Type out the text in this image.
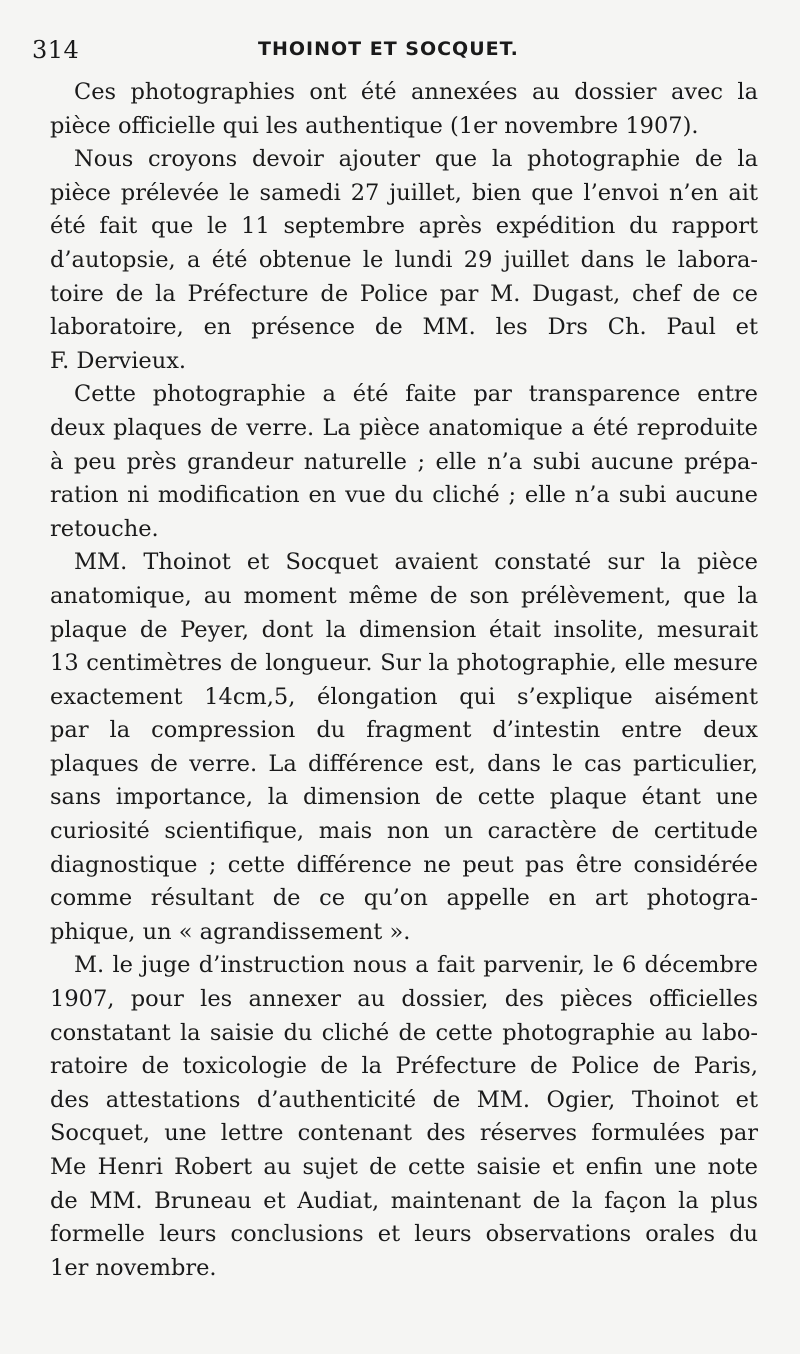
314	THOINOT ET SOCQUET.

Ces photographies ont été annexées au dossier avec la
pièce officielle qui les authentique (1er novembre 1907).

Nous croyons devoir ajouter que la photographie de la
pièce prélevée le samedi 27 juillet, bien que l’envoi n’en ait
été fait que le 11 septembre après expédition du rapport
d’autopsie, a été obtenue le lundi 29 juillet dans le labora-
toire de la Préfecture de Police par M. Dugast, chef de ce
laboratoire, en présence de MM. les Drs Ch. Paul et
F. Dervieux.

Cette photographie a été faite par transparence entre
deux plaques de verre. La pièce anatomique a été reproduite
à peu près grandeur naturelle ; elle n’a subi aucune prépa-
ration ni modification en vue du cliché ; elle n’a subi aucune
retouche.

MM. Thoinot et Socquet avaient constaté sur la pièce
anatomique, au moment même de son prélèvement, que la
plaque de Peyer, dont la dimension était insolite, mesurait
13 centimètres de longueur. Sur la photographie, elle mesure
exactement 14cm,5, élongation qui s’explique aisément
par la compression du fragment d’intestin entre deux
plaques de verre. La différence est, dans le cas particulier,
sans importance, la dimension de cette plaque étant une
curiosité scientifique, mais non un caractère de certitude
diagnostique ; cette différence ne peut pas être considérée
comme résultant de ce qu’on appelle en art photogra-
phique, un « agrandissement ».

M. le juge d’instruction nous a fait parvenir, le 6 décembre
1907, pour les annexer au dossier, des pièces officielles
constatant la saisie du cliché de cette photographie au labo-
ratoire de toxicologie de la Préfecture de Police de Paris,
des attestations d’authenticité de MM. Ogier, Thoinot et
Socquet, une lettre contenant des réserves formulées par
Me Henri Robert au sujet de cette saisie et enfin une note
de MM. Bruneau et Audiat, maintenant de la façon la plus
formelle leurs conclusions et leurs observations orales du
1er novembre.
